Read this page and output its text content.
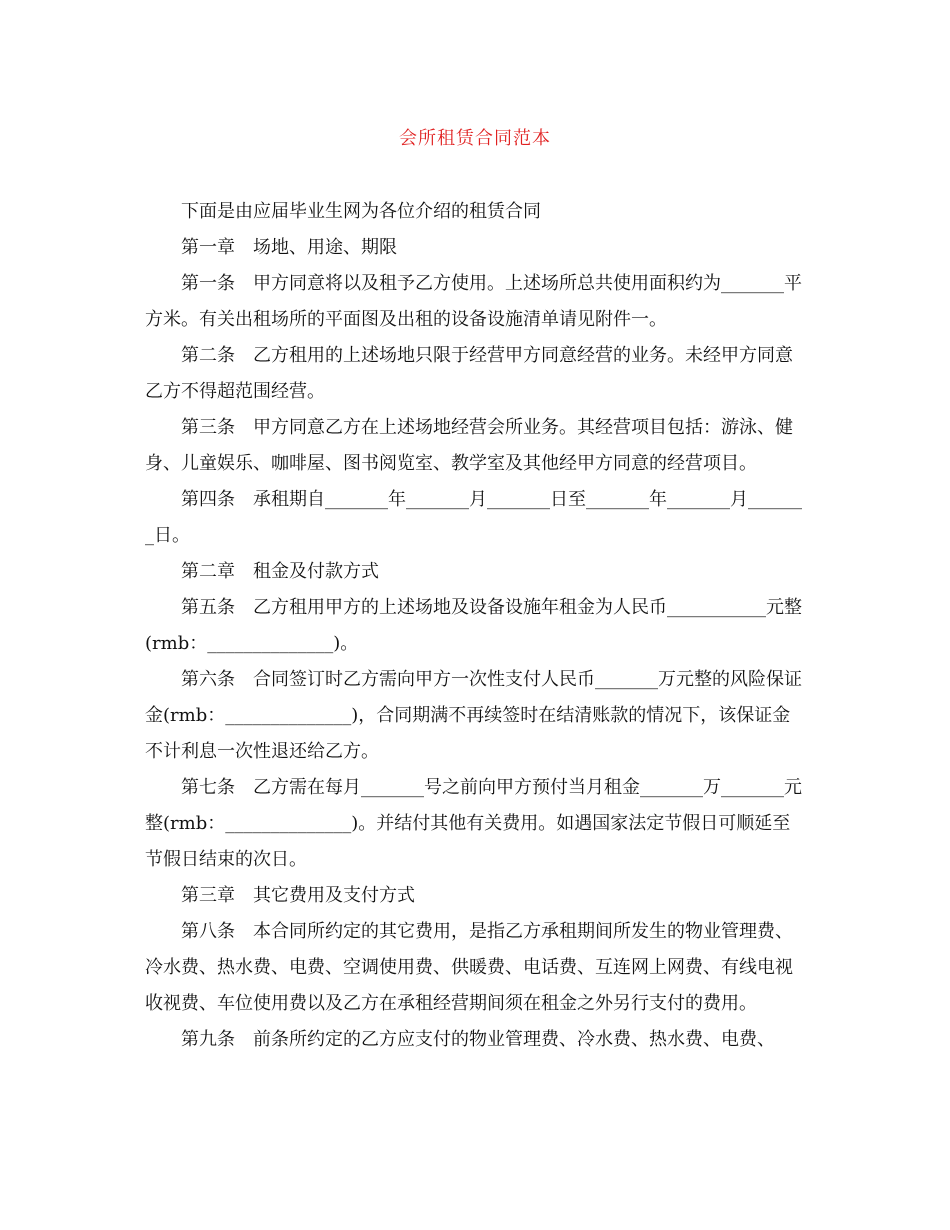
会所租赁合同范本

下面是由应届毕业生网为各位介绍的租赁合同

第一章　场地、用途、期限

第一条　甲方同意将以及租予乙方使用。上述场所总共使用面积约为_______平方米。有关出租场所的平面图及出租的设备设施清单请见附件一。

第二条　乙方租用的上述场地只限于经营甲方同意经营的业务。未经甲方同意乙方不得超范围经营。

第三条　甲方同意乙方在上述场地经营会所业务。其经营项目包括：游泳、健身、儿童娱乐、咖啡屋、图书阅览室、教学室及其他经甲方同意的经营项目。

第四条　承租期自_______年_______月_______日至_______年_______月_______日。

第二章　租金及付款方式

第五条　乙方租用甲方的上述场地及设备设施年租金为人民币___________元整(rmb：______________)。

第六条　合同签订时乙方需向甲方一次性支付人民币_______万元整的风险保证金(rmb：______________)，合同期满不再续签时在结清账款的情况下，该保证金不计利息一次性退还给乙方。

第七条　乙方需在每月_______号之前向甲方预付当月租金_______万_______元整(rmb：______________)。并结付其他有关费用。如遇国家法定节假日可顺延至节假日结束的次日。

第三章　其它费用及支付方式

第八条　本合同所约定的其它费用，是指乙方承租期间所发生的物业管理费、冷水费、热水费、电费、空调使用费、供暖费、电话费、互连网上网费、有线电视收视费、车位使用费以及乙方在承租经营期间须在租金之外另行支付的费用。

第九条　前条所约定的乙方应支付的物业管理费、冷水费、热水费、电费、
